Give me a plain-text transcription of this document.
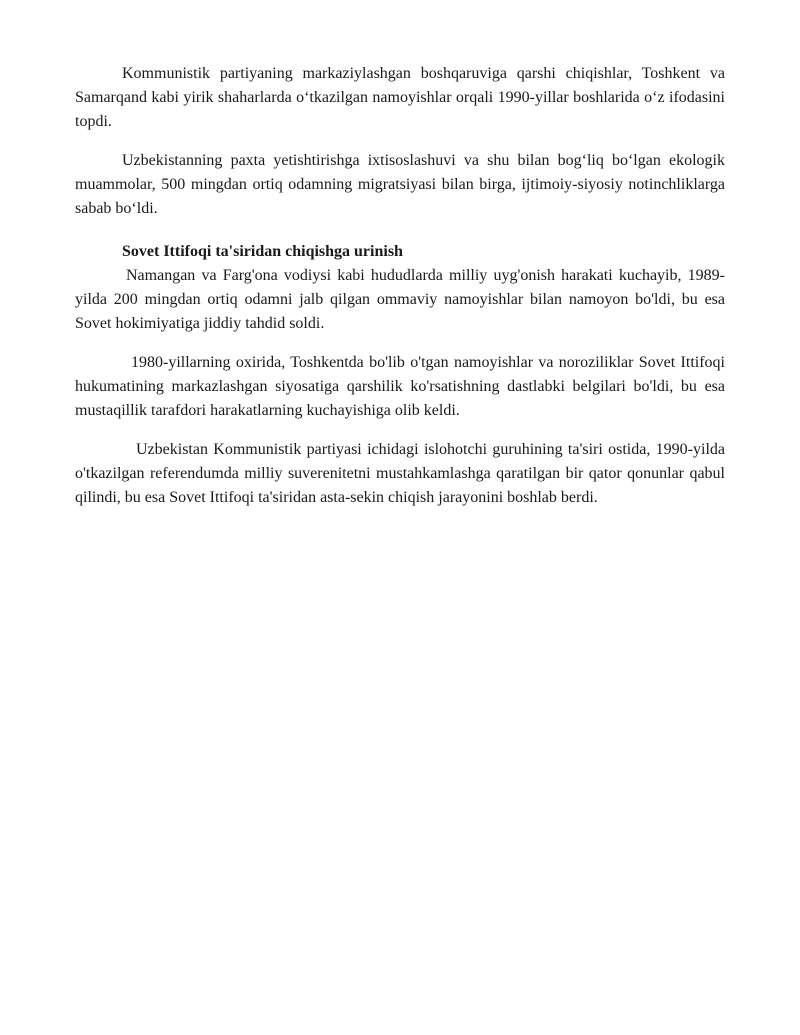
Kommunistik partiyaning markaziylashgan boshqaruviga qarshi chiqishlar, Toshkent va Samarqand kabi yirik shaharlarda o‘tkazilgan namoyishlar orqali 1990-yillar boshlarida o‘z ifodasini topdi.

Uzbekistanning paxta yetishtirishga ixtisoslashuvi va shu bilan bog‘liq bo‘lgan ekologik muammolar, 500 mingdan ortiq odamning migratsiyasi bilan birga, ijtimoiy-siyosiy notinchliklarga sabab bo‘ldi.

Sovet Ittifoqi ta'siridan chiqishga urinish

Namangan va Farg'ona vodiysi kabi hududlarda milliy uyg'onish harakati kuchayib, 1989-yilda 200 mingdan ortiq odamni jalb qilgan ommaviy namoyishlar bilan namoyon bo'ldi, bu esa Sovet hokimiyatiga jiddiy tahdid soldi.

1980-yillarning oxirida, Toshkentda bo'lib o'tgan namoyishlar va noroziliklar Sovet Ittifoqi hukumatining markazlashgan siyosatiga qarshilik ko'rsatishning dastlabki belgilari bo'ldi, bu esa mustaqillik tarafdori harakatlarning kuchayishiga olib keldi.

Uzbekistan Kommunistik partiyasi ichidagi islohotchi guruhining ta'siri ostida, 1990-yilda o'tkazilgan referendumda milliy suverenitetni mustahkamlashga qaratilgan bir qator qonunlar qabul qilindi, bu esa Sovet Ittifoqi ta'siridan asta-sekin chiqish jarayonini boshlab berdi.
